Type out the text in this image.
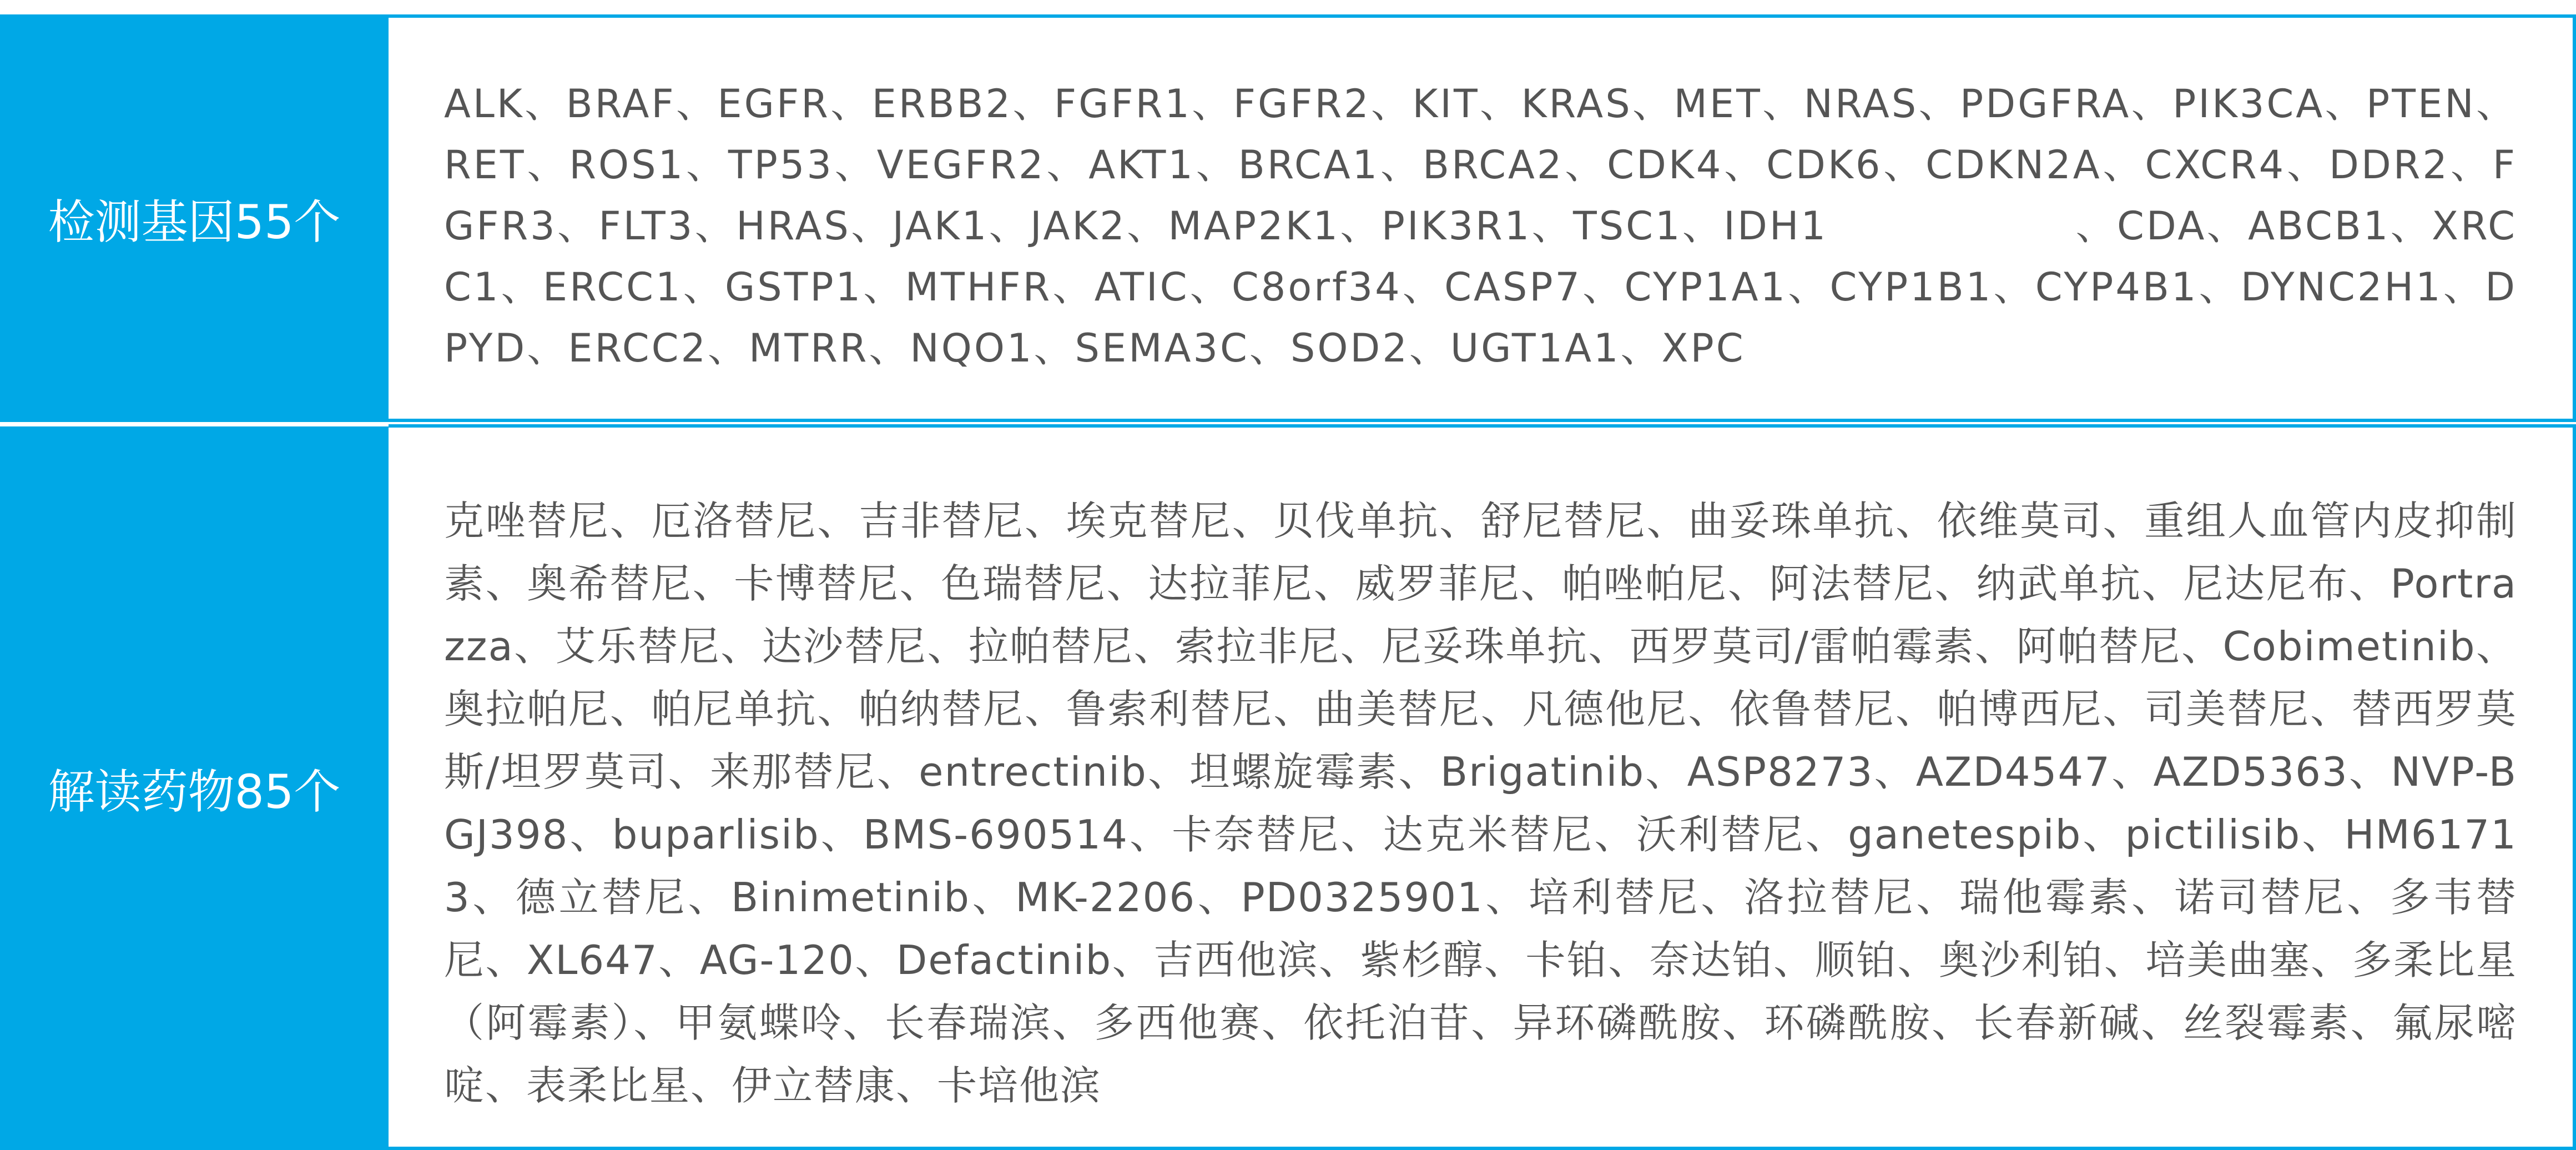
检测基因55个
ALK、BRAF、EGFR、ERBB2、FGFR1、FGFR2、KIT、KRAS、MET、NRAS、PDGFRA、PIK3CA、PTEN、RET、ROS1、TP53、VEGFR2、AKT1、BRCA1、BRCA2、CDK4、CDK6、CDKN2A、CXCR4、DDR2、FGFR3、FLT3、HRAS、JAK1、JAK2、MAP2K1、PIK3R1、TSC1、IDH1　　　　　　、CDA、ABCB1、XRCC1、ERCC1、GSTP1、MTHFR、ATIC、C8orf34、CASP7、CYP1A1、CYP1B1、CYP4B1、DYNC2H1、DPYD、ERCC2、MTRR、NQO1、SEMA3C、SOD2、UGT1A1、XPC
解读药物85个
克唑替尼、厄洛替尼、吉非替尼、埃克替尼、贝伐单抗、舒尼替尼、曲妥珠单抗、依维莫司、重组人血管内皮抑制素、奥希替尼、卡博替尼、色瑞替尼、达拉菲尼、威罗菲尼、帕唑帕尼、阿法替尼、纳武单抗、尼达尼布、Portrazza、艾乐替尼、达沙替尼、拉帕替尼、索拉非尼、尼妥珠单抗、西罗莫司/雷帕霉素、阿帕替尼、Cobimetinib、奥拉帕尼、帕尼单抗、帕纳替尼、鲁索利替尼、曲美替尼、凡德他尼、依鲁替尼、帕博西尼、司美替尼、替西罗莫斯/坦罗莫司、来那替尼、entrectinib、坦螺旋霉素、Brigatinib、ASP8273、AZD4547、AZD5363、NVP-BGJ398、buparlisib、BMS-690514、卡奈替尼、达克米替尼、沃利替尼、ganetespib、pictilisib、HM61713、德立替尼、Binimetinib、MK-2206、PD0325901、培利替尼、洛拉替尼、瑞他霉素、诺司替尼、多韦替尼、XL647、AG-120、Defactinib、吉西他滨、紫杉醇、卡铂、奈达铂、顺铂、奥沙利铂、培美曲塞、多柔比星（阿霉素）、甲氨蝶呤、长春瑞滨、多西他赛、依托泊苷、异环磷酰胺、环磷酰胺、长春新碱、丝裂霉素、氟尿嘧啶、表柔比星、伊立替康、卡培他滨
